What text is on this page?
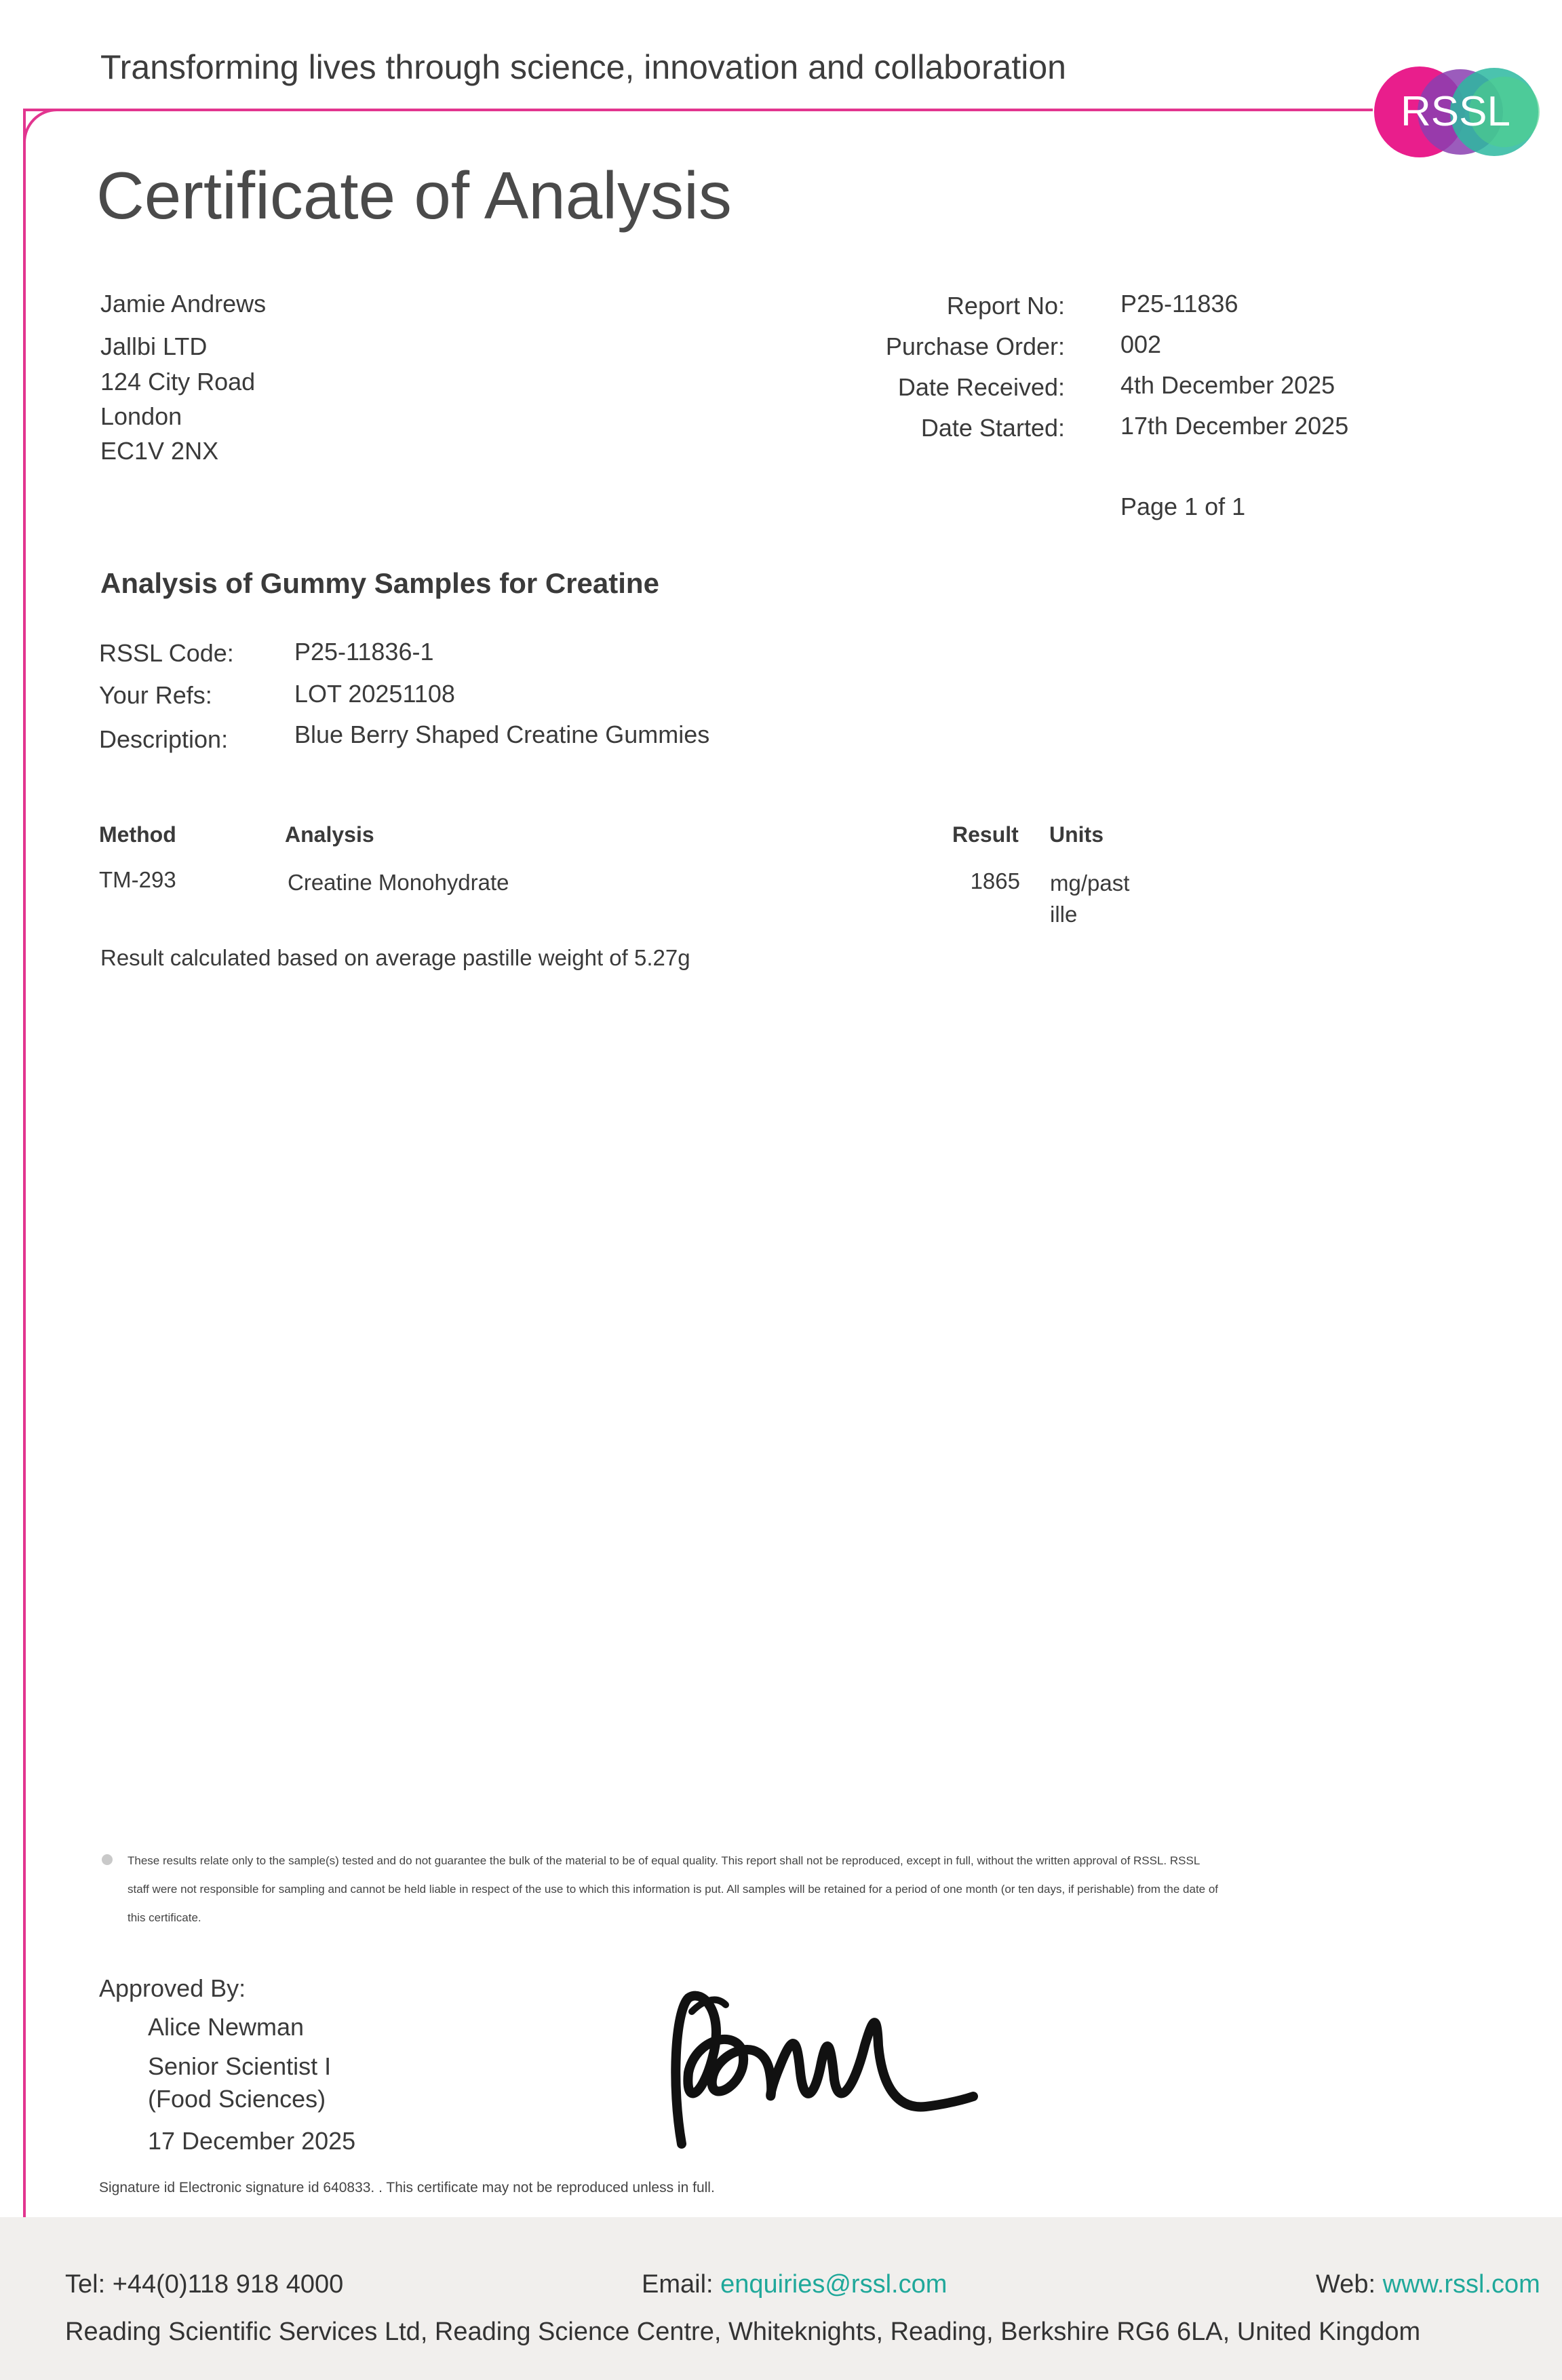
Transforming lives through science, innovation and collaboration
RSSL
Certificate of Analysis
Jamie Andrews
Jallbi LTD
124 City Road
London
EC1V 2NX
Report No: P25-11836
Purchase Order: 002
Date Received: 4th December 2025
Date Started: 17th December 2025
Page 1 of 1
Analysis of Gummy Samples for Creatine
RSSL Code: P25-11836-1
Your Refs:	LOT 20251108
Description:	Blue Berry Shaped Creatine Gummies
Method	Analysis	Result Units
TM-293	Creatine Monohydrate	1865 mg/past
ille
Result calculated based on average pastille weight of 5.27g
These results relate only to the sample(s) tested and do not guarantee the bulk of the material to be of equal quality. This report shall not be reproduced, except in full, without the written approval of RSSL. RSSL
staff were not responsible for sampling and cannot be held liable in respect of the use to which this information is put. All samples will be retained for a period of one month (or ten days, if perishable) from the date of
this certificate.
Approved By:
Alice Newman
Senior Scientist I
(Food Sciences)
17 December 2025
Signature id Electronic signature id 640833. . This certificate may not be reproduced unless in full.
Tel: +44(0)118 918 4000	Email: enquiries@rssl.com	Web: www.rssl.com
Reading Scientific Services Ltd, Reading Science Centre, Whiteknights, Reading, Berkshire RG6 6LA, United Kingdom
